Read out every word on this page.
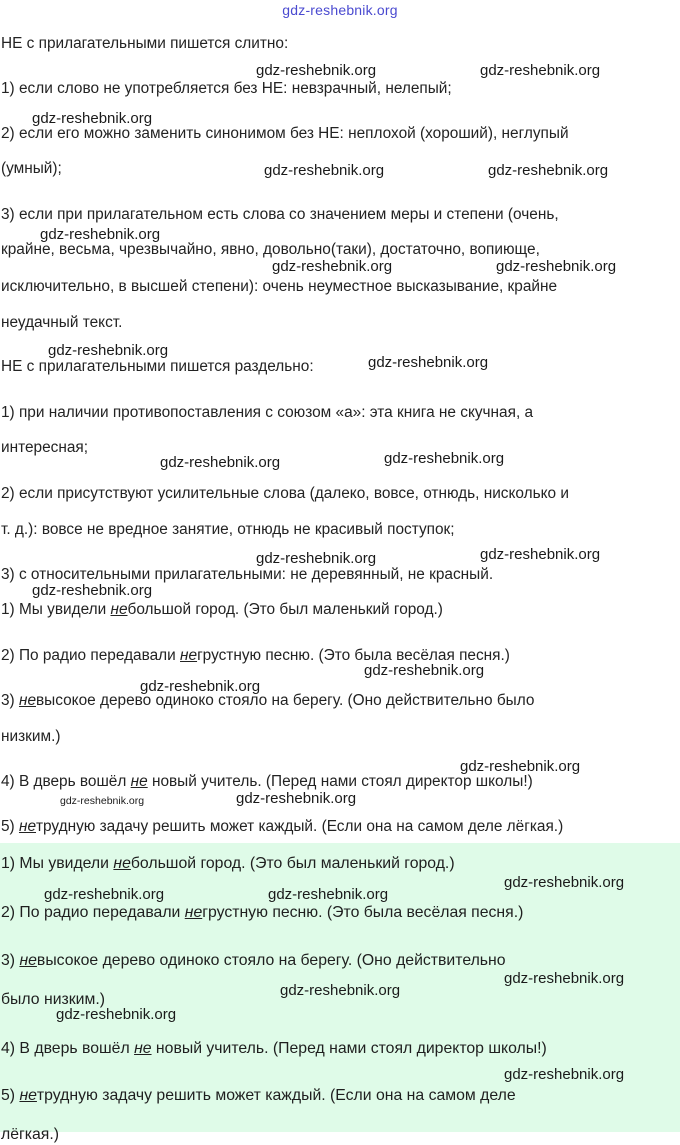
gdz-reshebnik.org
НЕ с прилагательными пишется слитно:
1) если слово не употребляется без НЕ: невзрачный, нелепый;
2) если его можно заменить синонимом без НЕ: неплохой (хороший), неглупый
(умный);
3) если при прилагательном есть слова со значением меры и степени (очень,
крайне, весьма, чрезвычайно, явно, довольно(таки), достаточно, вопиюще,
исключительно, в высшей степени): очень неуместное высказывание, крайне
неудачный текст.
НЕ с прилагательными пишется раздельно:
1) при наличии противопоставления с союзом «а»: эта книга не скучная, а
интересная;
2) если присутствуют усилительные слова (далеко, вовсе, отнюдь, нисколько и
т. д.): вовсе не вредное занятие, отнюдь не красивый поступок;
3) с относительными прилагательными: не деревянный, не красный.
1) Мы увидели небольшой город. (Это был маленький город.)
2) По радио передавали негрустную песню. (Это была весёлая песня.)
3) невысокое дерево одиноко стояло на берегу. (Оно действительно было
низким.)
4) В дверь вошёл не новый учитель. (Перед нами стоял директор школы!)
5) нетрудную задачу решить может каждый. (Если она на самом деле лёгкая.)
1) Мы увидели небольшой город. (Это был маленький город.)
2) По радио передавали негрустную песню. (Это была весёлая песня.)
3) невысокое дерево одиноко стояло на берегу. (Оно действительно
было низким.)
4) В дверь вошёл не новый учитель. (Перед нами стоял директор школы!)
5) нетрудную задачу решить может каждый. (Если она на самом деле
лёгкая.)
gdz-reshebnik.org	gdz-reshebnik.org
gdz-reshebnik.org
gdz-reshebnik.org	gdz-reshebnik.org
gdz-reshebnik.org
gdz-reshebnik.org	gdz-reshebnik.org
gdz-reshebnik.org
gdz-reshebnik.org
gdz-reshebnik.org	gdz-reshebnik.org
gdz-reshebnik.org	gdz-reshebnik.org
gdz-reshebnik.org
gdz-reshebnik.org
gdz-reshebnik.org
gdz-reshebnik.org
gdz-reshebnik.org	gdz-reshebnik.org
gdz-reshebnik.org
gdz-reshebnik.org	gdz-reshebnik.org
gdz-reshebnik.org
gdz-reshebnik.org
gdz-reshebnik.org
gdz-reshebnik.org
